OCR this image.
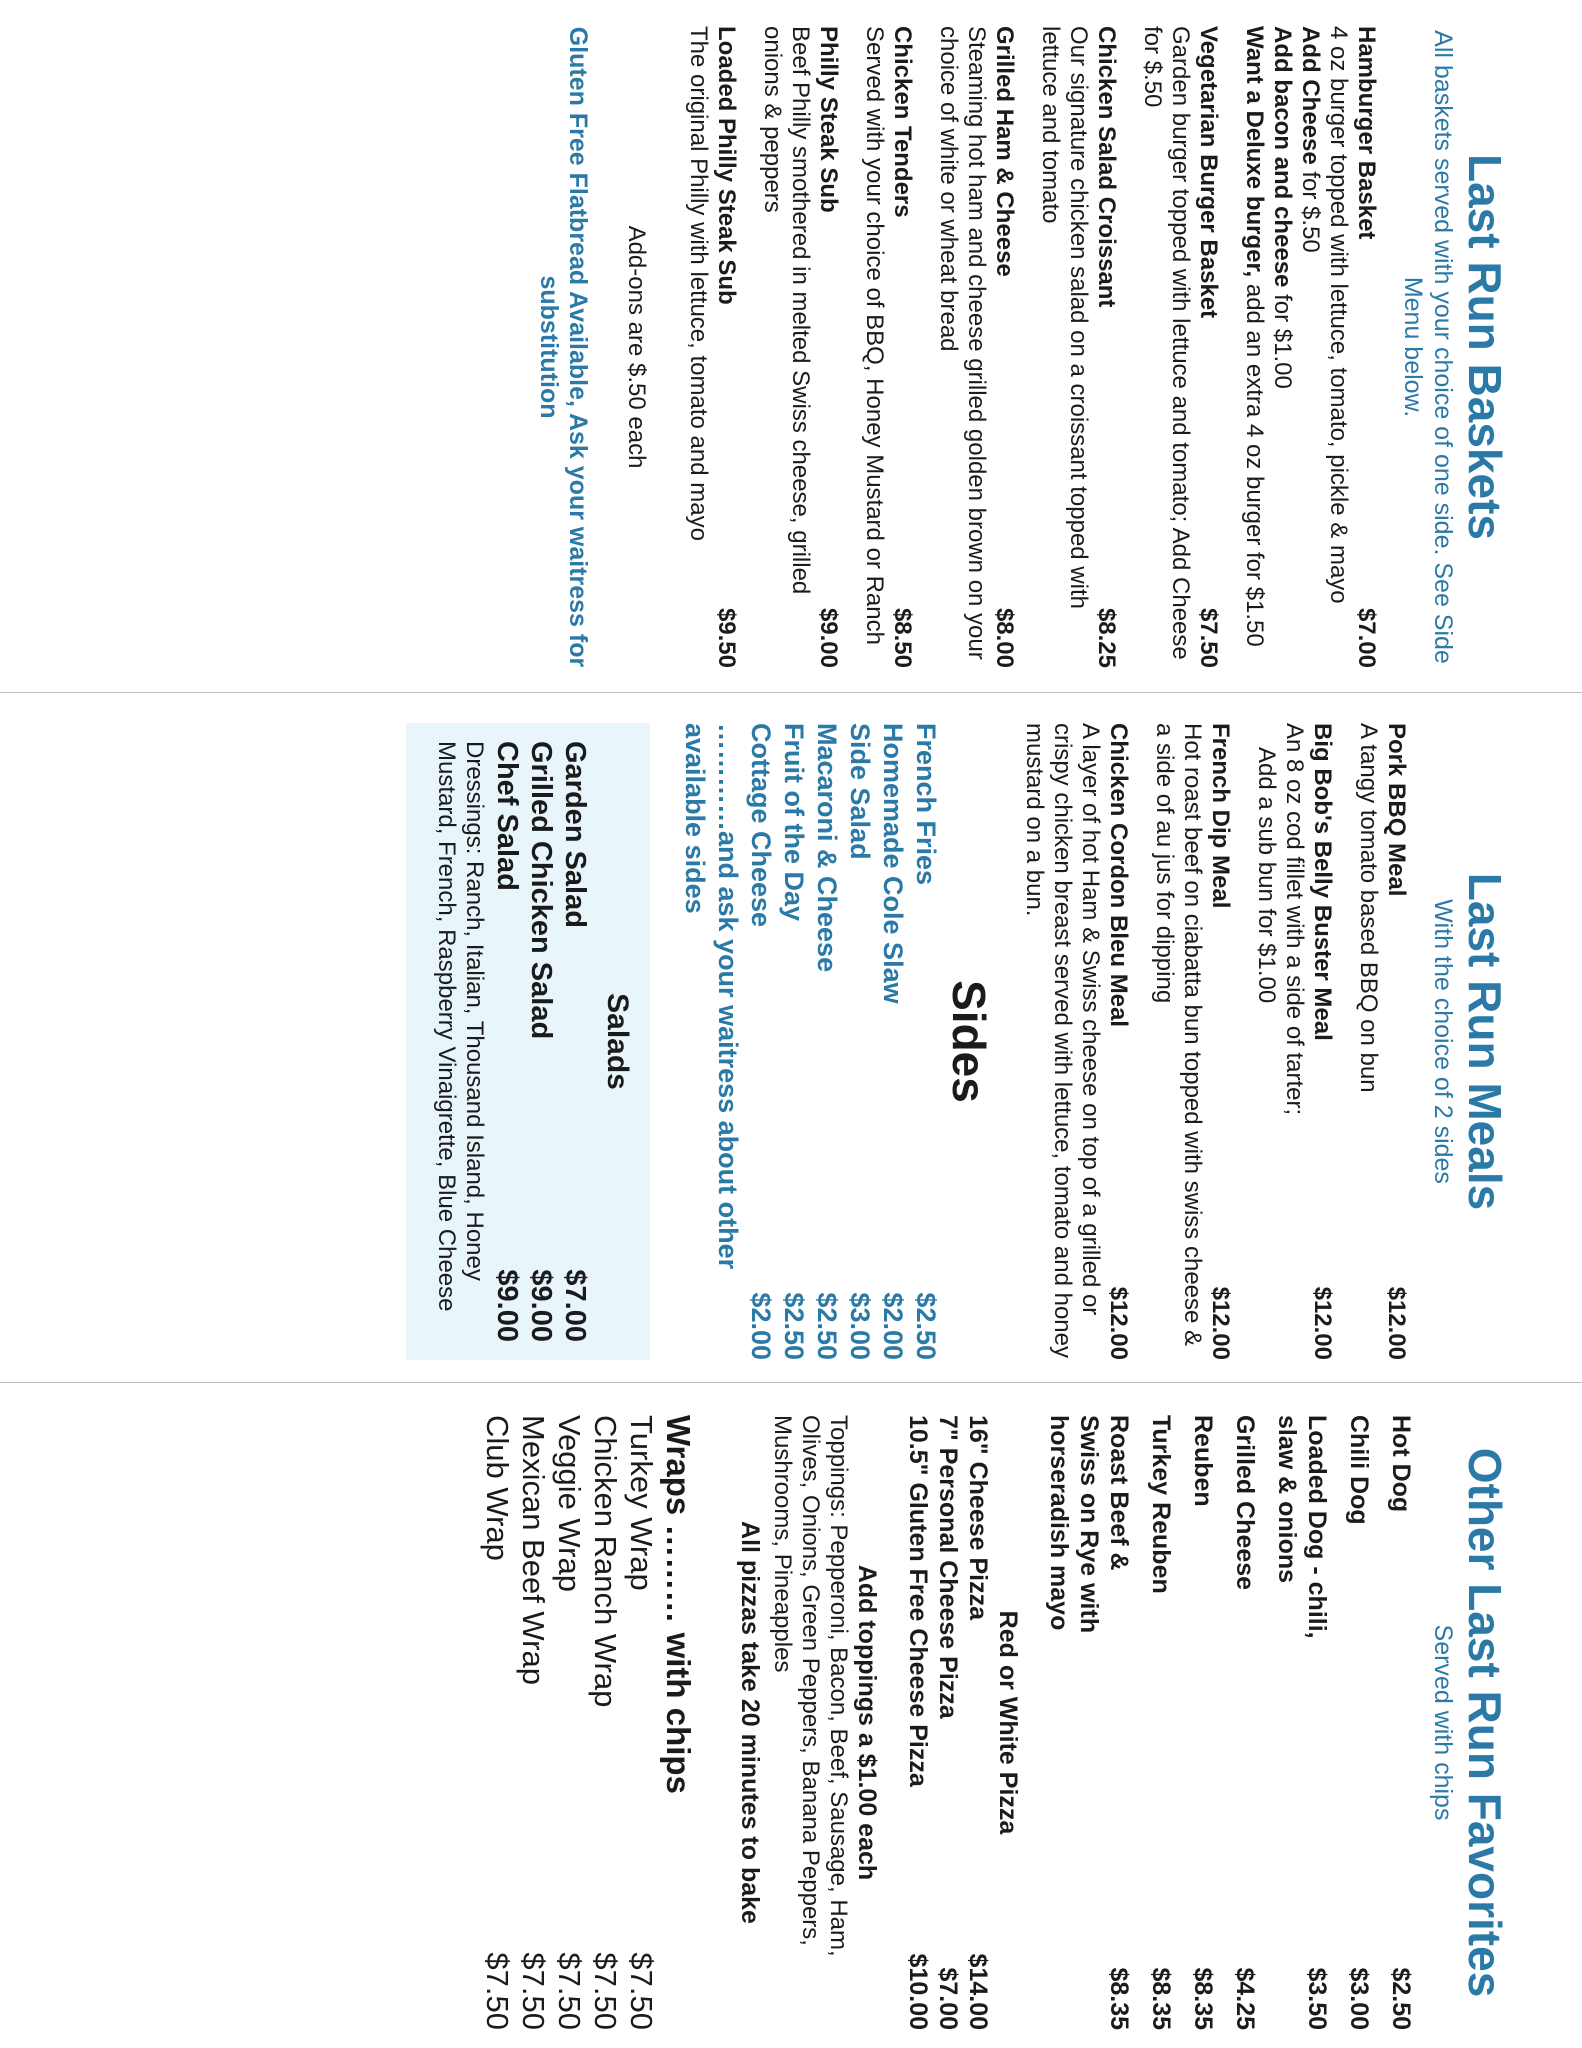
Last Run Baskets
All baskets served with your choice of one side. See Side Menu below.
Hamburger Basket
$7.00
4 oz burger topped with lettuce, tomato, pickle & mayo
Add Cheese for $.50
Add bacon and cheese for $1.00
Want a Deluxe burger, add an extra 4 oz burger for $1.50
Vegetarian Burger Basket
$7.50
Garden burger topped with lettuce and tomato; Add Cheese for $.50
Chicken Salad Croissant
$8.25
Our signature chicken salad on a croissant topped with lettuce and tomato
Grilled Ham & Cheese
$8.00
Steaming hot ham and cheese grilled golden brown on your choice of white or wheat bread
Chicken Tenders
$8.50
Served with your choice of BBQ, Honey Mustard or Ranch
Philly Steak Sub
$9.00
Beef Philly smothered in melted Swiss cheese, grilled onions & peppers
Loaded Philly Steak Sub
$9.50
The original Philly with lettuce, tomato and mayo
Add-ons are $.50 each
Gluten Free Flatbread Available, Ask your waitress for substitution
Last Run Meals
With the choice of 2 sides
Pork BBQ Meal
$12.00
A tangy tomato based BBQ on bun
Big Bob's Belly Buster Meal
$12.00
An 8 oz cod fillet with a side of tarter;
Add a sub bun for $1.00
French Dip Meal
$12.00
Hot roast beef on ciabatta bun topped with swiss cheese & a side of au jus for dipping
Chicken Cordon Bleu Meal
$12.00
A layer of hot Ham & Swiss cheese on top of a grilled or crispy chicken breast served with lettuce, tomato and honey mustard on a bun.
Sides
French Fries
$2.50
Homemade Cole Slaw
$2.00
Side Salad
$3.00
Macaroni & Cheese
$2.50
Fruit of the Day
$2.50
Cottage Cheese
$2.00
…………and ask your waitress about other available sides
Salads
Garden Salad
$7.00
Grilled Chicken Salad
$9.00
Chef Salad
$9.00
Dressings: Ranch, Italian, Thousand Island, Honey Mustard, French, Raspberry Vinaigrette, Blue Cheese
Other Last Run Favorites
Served with chips
Hot Dog
$2.50
Chili Dog
$3.00
Loaded Dog - chili, slaw & onions
$3.50
Grilled Cheese
$4.25
Reuben
$8.35
Turkey Reuben
$8.35
Roast Beef & Swiss on Rye with horseradish mayo
$8.35
Red or White Pizza
16" Cheese Pizza
$14.00
7" Personal Cheese Pizza
$7.00
10.5" Gluten Free Cheese Pizza
$10.00
Add toppings a $1.00 each
Toppings: Pepperoni, Bacon, Beef, Sausage, Ham, Olives, Onions, Green Peppers, Banana Peppers, Mushrooms, Pineapples
All pizzas take 20 minutes to bake
Wraps ……… with chips
Turkey Wrap
$7.50
Chicken Ranch Wrap
$7.50
Veggie Wrap
$7.50
Mexican Beef Wrap
$7.50
Club Wrap
$7.50
